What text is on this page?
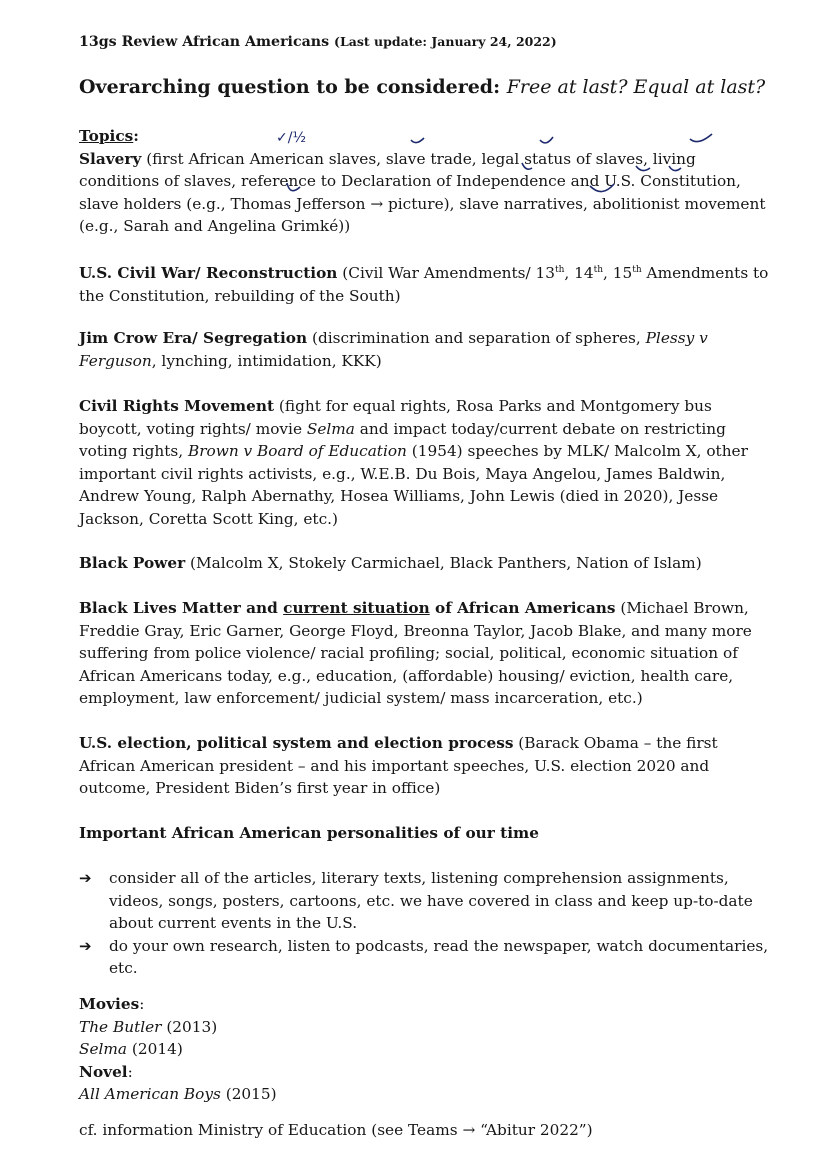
13gs Review African Americans (Last update: January 24, 2022)
Overarching question to be considered: Free at last? Equal at last?
Topics:
Slavery (first African American slaves, slave trade, legal status of slaves, living conditions of slaves, reference to Declaration of Independence and U.S. Constitution, slave holders (e.g., Thomas Jefferson → picture), slave narratives, abolitionist movement (e.g., Sarah and Angelina Grimké))
U.S. Civil War/ Reconstruction (Civil War Amendments/ 13th, 14th, 15th Amendments to the Constitution, rebuilding of the South)
Jim Crow Era/ Segregation (discrimination and separation of spheres, Plessy v Ferguson, lynching, intimidation, KKK)
Civil Rights Movement (fight for equal rights, Rosa Parks and Montgomery bus boycott, voting rights/ movie Selma and impact today/current debate on restricting voting rights, Brown v Board of Education (1954) speeches by MLK/ Malcolm X, other important civil rights activists, e.g., W.E.B. Du Bois, Maya Angelou, James Baldwin, Andrew Young, Ralph Abernathy, Hosea Williams, John Lewis (died in 2020), Jesse Jackson, Coretta Scott King, etc.)
Black Power (Malcolm X, Stokely Carmichael, Black Panthers, Nation of Islam)
Black Lives Matter and current situation of African Americans (Michael Brown, Freddie Gray, Eric Garner, George Floyd, Breonna Taylor, Jacob Blake, and many more suffering from police violence/ racial profiling; social, political, economic situation of African Americans today, e.g., education, (affordable) housing/ eviction, health care, employment, law enforcement/ judicial system/ mass incarceration, etc.)
U.S. election, political system and election process (Barack Obama – the first African American president – and his important speeches, U.S. election 2020 and outcome, President Biden’s first year in office)
Important African American personalities of our time
➔ consider all of the articles, literary texts, listening comprehension assignments, videos, songs, posters, cartoons, etc. we have covered in class and keep up-to-date about current events in the U.S.
➔ do your own research, listen to podcasts, read the newspaper, watch documentaries, etc.
Movies:
The Butler (2013)
Selma (2014)
Novel:
All American Boys (2015)
cf. information Ministry of Education (see Teams → “Abitur 2022”)
✓/½
